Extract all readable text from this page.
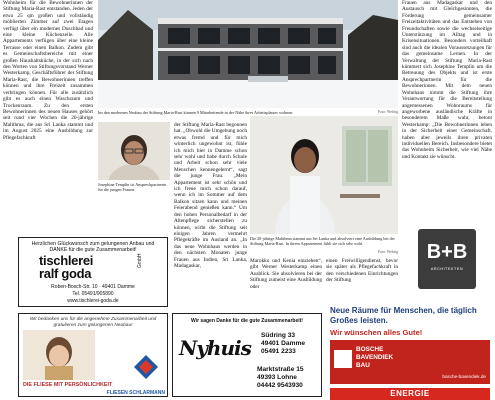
Wohnheim für die Bewohnerinnen der Stiftung Maria-Rast entstanden. Jeden der etwa 25 qm großen und vollständig möblierten Zimmer auf zwei Etagen verfügt über ein modernes Duschbad und eine kleine Küchenzeile. Alle Appartements verfügen über eine kleine Terrasse oder einen Balkon. Zudem gibt es Gemeinschaftsbereiche mit einer großen Haushaltsküche, in der sich nach den Worten von Stiftungsvorstand Werner Westerkamp, Geschäftsführer der Stiftung Maria-Rast, die Bewohnerinnen treffen können und ihre Freizeit zusammen verbringen können. Für alle zusätzlich gibt es auch einen Waschraum und Trockenraum. Zu den ersten Bewohnerinnen des neuen Hauses gehört seit rund vier Wochen die 20-jährige Malithma, die aus Sri Lanka stammt und im August 2025 eine Ausbildung zur Pflegefachkraft
Im den modernen Neubau der Stiftung Maria-Rast können 9 Mitarbeitende in der Nähe ihres Arbeitsplatzes wohnen.	Foto: Wehrig
Frauen aus Madagaskar und den Austausch mit Gleichgesinnten, die Förderung gemeinsamer Freizeitaktivitäten und das Entstehen von Freundschaften sowie die wechselseitige Unterstützung im Alltag und in Krisensituationen. Besonders vorteilhaft sind auch die idealen Voraussetzungen für das gemeinsame Lernen. In der Verwaltung der Stiftung Maria-Rast kümmert sich Josephine Templin um die Betreuung des Objekts und ist erste Ansprechpartnerin für die Bewohnerinnen. Mit dem neuen Wohnhaus nimmt die Stiftung ihre Verantwortung für die Bereitstellung angemessenen Wohnraums für angeworbene ausländische Kräfte in besonderem Maße wahr, betont Westerkamp: „Die Bewohnerinnen leben in der Sicherheit einer Gemeinschaft, haben aber jeweils ihren privaten individuellen Bereich. Insbesondere bietet das Wohnheim Sicherheit, wie viel Nähe und Kontakt sie wünscht.
Josephine Templin ist Ansprechpartnerin für die jungen Frauen.
der Stiftung Maria-Rast begonnen hat. „Obwohl die Umgebung noch etwas fremd und für mich winterlich ungewohnt ist, fühle ich mich hier in Damme schon sehr wohl und habe durch Schule und Arbeit schon sehr viele Menschen kennengelernt“, sagt die junge Frau. „Mein Appartement ist sehr schön und ich freue mich schon darauf, wenn ich im Sommer auf dem Balkon sitzen kann und meinen Feierabend genießen kann.“ Um den hohen Personalbedarf in der Altenpflege sicherstellen zu können, wirbt die Stiftung seit einigen Jahren vermehrt Pflegekräfte im Ausland an. „In das neue Wohnhaus werden in den nächsten Monaten junge Frauen aus Indien, Sri Lanka, Madagaskar,
Die 20-jährige Malithma stammt aus Sri Lanka und absolviert eine Ausbildung bei der Stiftung Maria-Rast. In ihrem Appartement fühlt sie sich sehr wohl.
Foto: Wehrig
Marokko und Kenia einziehen“, gibt Werner Westerkamp einen Ausblick. Sie absolvieren bei der Stiftung zumeist eine Ausbildung oder
einen Freiwilligendienst, bevor sie später als Pflegefachkraft in den verschiedenen Einrichtungen der Stiftung
Herzlichen Glückwunsch zum gelungenen Anbau und DANKE für die gute Zusammenarbeit!
tischlerei
ralf goda
GmbH
Roben-Bosch-Str. 10 · 49401 Damme
Tel. 05491/905890
www.tischlerei-goda.de
B+B
ARCHITEKTEN
Wir bedanken uns für die angenehme Zusammenarbeit und gratulieren zum gelungenen Neubau!
DIE FLIESE MIT PERSÖNLICHKEIT
FLIESEN SCHLARMANN
Wir sagen Danke für die gute Zusammenarbeit!
Nyhuis
Südring 33
49401 Damme
05491 2233
Marktstraße 15
49393 Lohne
04442 9543930
Neue Räume für Menschen, die täglich Großes leisten.
Wir wünschen alles Gute!
BOSCHE
BAVENDIEK
BAU
bosche-bavendiek.de
ENERGIE
